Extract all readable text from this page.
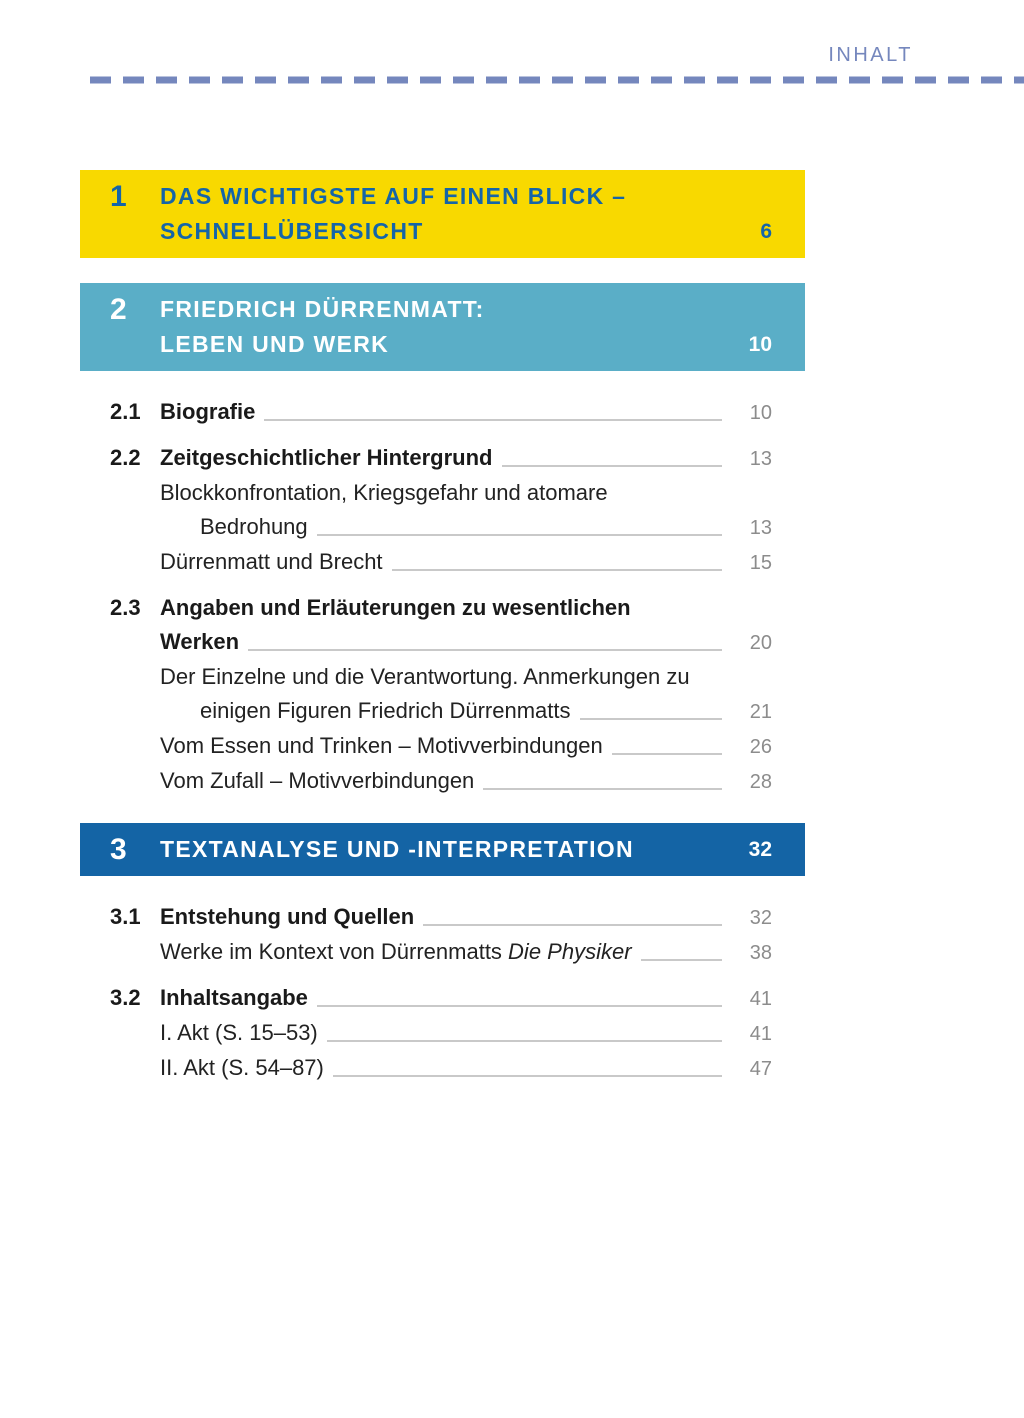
INHALT
1	DAS WICHTIGSTE AUF EINEN BLICK –
SCHNELLÜBERSICHT	6
2	FRIEDRICH DÜRRENMATT:
LEBEN UND WERK	10
2.1 Biografie	10
2.2 Zeitgeschichtlicher Hintergrund	13
Blockkonfrontation, Kriegsgefahr und atomare
Bedrohung	13
Dürrenmatt und Brecht	15
2.3 Angaben und Erläuterungen zu wesentlichen
Werken	20
Der Einzelne und die Verantwortung. Anmerkungen zu
einigen Figuren Friedrich Dürrenmatts	21
Vom Essen und Trinken – Motivverbindungen	26
Vom Zufall – Motivverbindungen	28
3	TEXTANALYSE UND -INTERPRETATION	32
3.1 Entstehung und Quellen	32
Werke im Kontext von Dürrenmatts Die Physiker	38
3.2 Inhaltsangabe	41
I. Akt (S. 15–53)	41
II. Akt (S. 54–87)	47
